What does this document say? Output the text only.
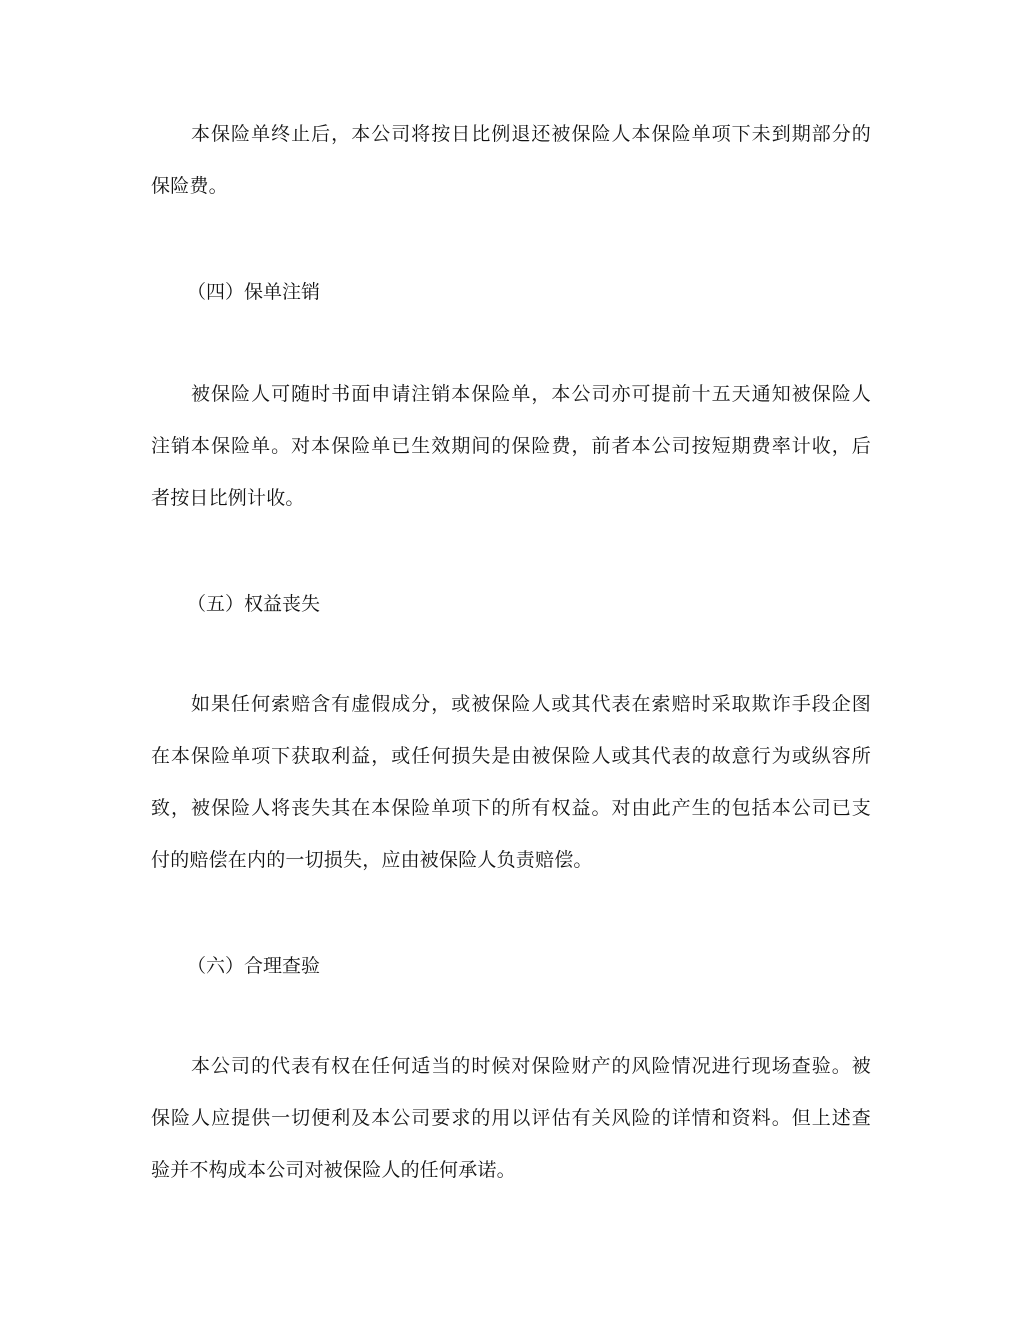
本保险单终止后，本公司将按日比例退还被保险人本保险单项下未到期部分的
保险费。
（四）保单注销
被保险人可随时书面申请注销本保险单，本公司亦可提前十五天通知被保险人
注销本保险单。对本保险单已生效期间的保险费，前者本公司按短期费率计收，后
者按日比例计收。
（五）权益丧失
如果任何索赔含有虚假成分，或被保险人或其代表在索赔时采取欺诈手段企图
在本保险单项下获取利益，或任何损失是由被保险人或其代表的故意行为或纵容所
致，被保险人将丧失其在本保险单项下的所有权益。对由此产生的包括本公司已支
付的赔偿在内的一切损失，应由被保险人负责赔偿。
（六）合理查验
本公司的代表有权在任何适当的时候对保险财产的风险情况进行现场查验。被
保险人应提供一切便利及本公司要求的用以评估有关风险的详情和资料。但上述查
验并不构成本公司对被保险人的任何承诺。
